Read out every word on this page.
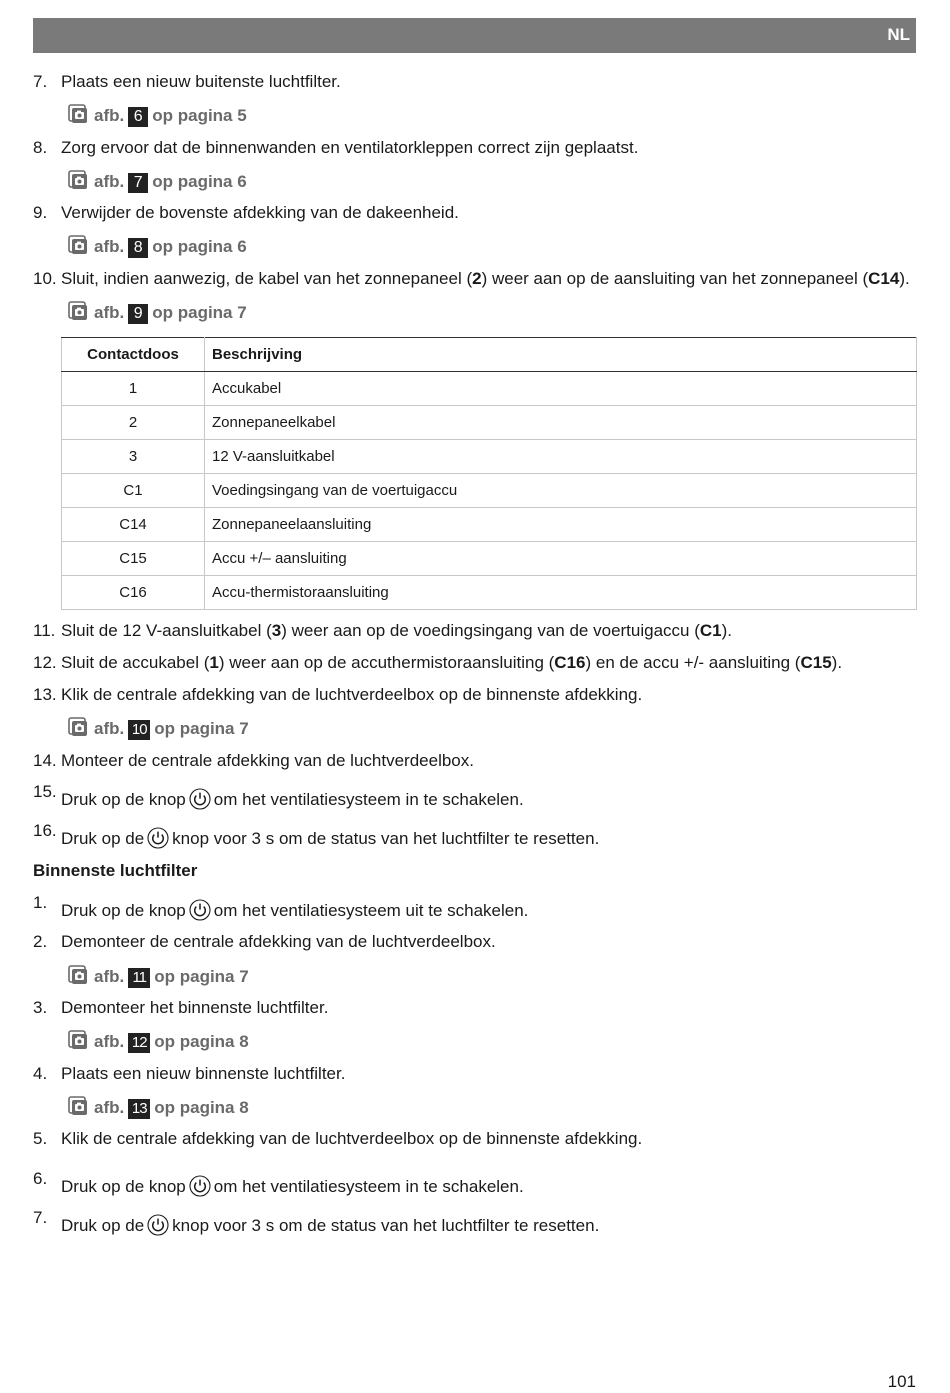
NL
7. Plaats een nieuw buitenste luchtfilter.
afb. 6 op pagina 5
8. Zorg ervoor dat de binnenwanden en ventilatorkleppen correct zijn geplaatst.
afb. 7 op pagina 6
9. Verwijder de bovenste afdekking van de dakeenheid.
afb. 8 op pagina 6
10. Sluit, indien aanwezig, de kabel van het zonnepaneel (2) weer aan op de aansluiting van het zonnepaneel (C14).
afb. 9 op pagina 7
Contactdoos	Beschrijving
1	Accukabel
2	Zonnepaneelkabel
3	12 V-aansluitkabel
C1	Voedingsingang van de voertuigaccu
C14	Zonnepaneelaansluiting
C15	Accu +/– aansluiting
C16	Accu-thermistoraansluiting
11. Sluit de 12 V-aansluitkabel (3) weer aan op de voedingsingang van de voertuigaccu (C1).
12. Sluit de accukabel (1) weer aan op de accuthermistoraansluiting (C16) en de accu +/- aansluiting (C15).
13. Klik de centrale afdekking van de luchtverdeelbox op de binnenste afdekking.
afb. 10 op pagina 7
14. Monteer de centrale afdekking van de luchtverdeelbox.
15. Druk op de knop om het ventilatiesysteem in te schakelen.
16. Druk op de knop voor 3 s om de status van het luchtfilter te resetten.
Binnenste luchtfilter
1. Druk op de knop om het ventilatiesysteem uit te schakelen.
2. Demonteer de centrale afdekking van de luchtverdeelbox.
afb. 11 op pagina 7
3. Demonteer het binnenste luchtfilter.
afb. 12 op pagina 8
4. Plaats een nieuw binnenste luchtfilter.
afb. 13 op pagina 8
5. Klik de centrale afdekking van de luchtverdeelbox op de binnenste afdekking.
6. Druk op de knop om het ventilatiesysteem in te schakelen.
7. Druk op de knop voor 3 s om de status van het luchtfilter te resetten.
101
